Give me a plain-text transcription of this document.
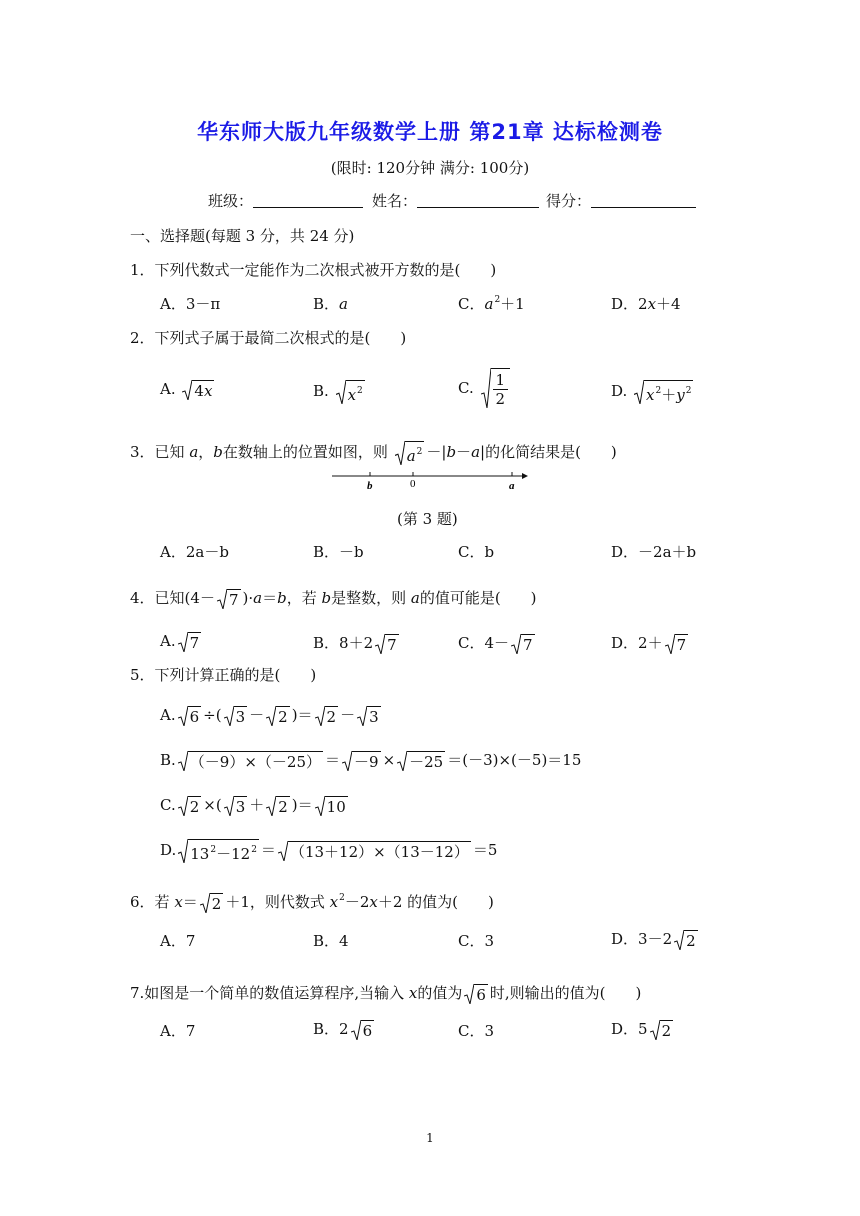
华东师大版九年级数学上册 第21章 达标检测卷
(限时: 120分钟 满分: 100分)
班级：	姓名：	得分：
一、选择题(每题 3 分，共 24 分)
1．下列代数式一定能作为二次根式被开方数的是(　　)
A．3－π	B．a	C．$a^2+1$	D．2x＋4
2．下列式子属于最简二次根式的是(　　)
A. 4x	B. $x^2$	C. $\frac{1}{2}$	D. $x^2+y^2$
3．已知 a，b在数轴上的位置如图，则 $a^2 -|b-a|$的化简结果是(　　)
b	0	a
(第 3 题)
A．2a－b	B．－b	C．b	D．－2a＋b
4．已知(4－ 7 )·a＝b，若 b是整数，则 a的值可能是(　　)
A. 7	B．8＋2 7	C．4－ 7	D．2＋ 7
5．下列计算正确的是(　　)
A. 6 ÷( 3 － 2 )＝ 2 － 3
B. （－9）×（－25） ＝ －9 × －25 ＝(－3)×(－5)＝15
C. 2 ×( 3 ＋ 2 )＝ 10
D. $13^2-12^2 = (13+12)\times(13-12) =5$
6．若 x＝ 2 ＋1，则代数式 $x^2-2x+2$ 的值为(　　)
A．7	B．4	C．3	D．3－2 2
7.如图是一个简单的数值运算程序,当输入 x的值为 6 时,则输出的值为(　　)
A．7	B．2 6	C．3	D．5 2
1
